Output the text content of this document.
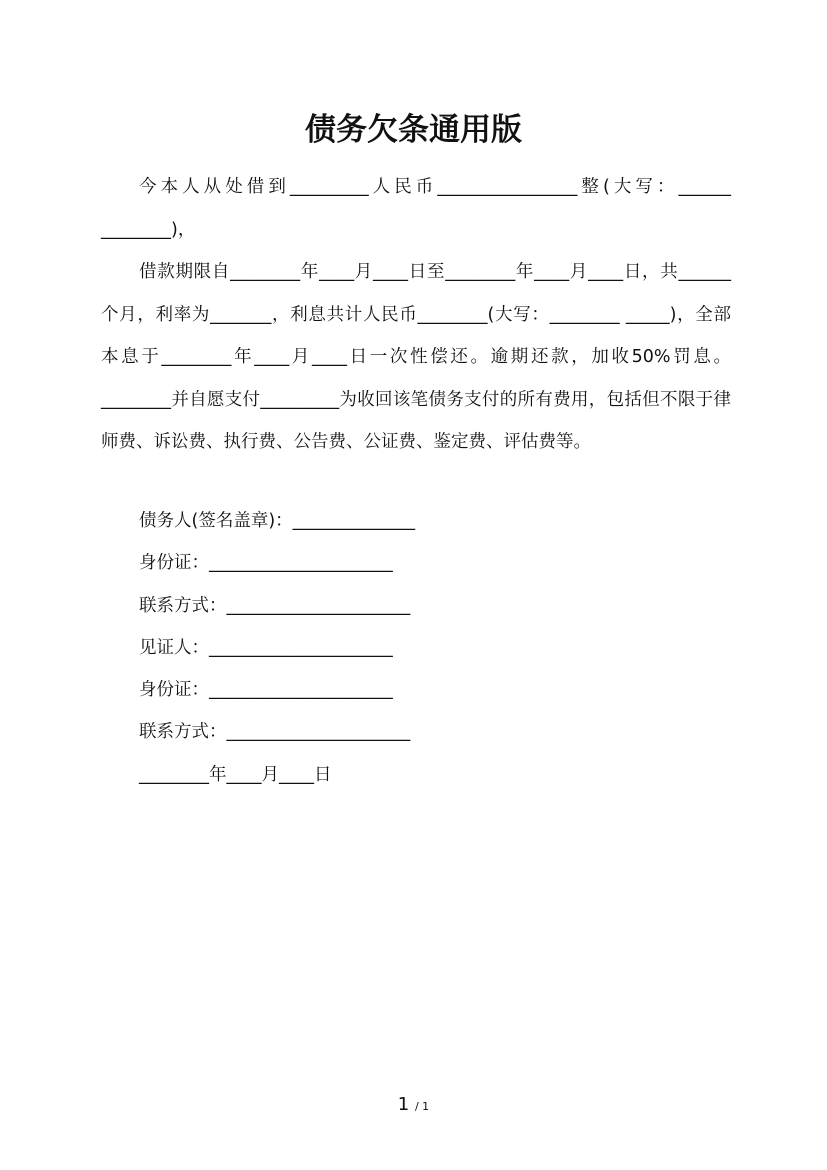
债务欠条通用版

今本人从处借到_________人民币________________整(大写：______ ________)，

借款期限自________年____月____日至________年____月____日，共______个月，利率为_______，利息共计人民币________(大写：________ _____)，全部本息于________年____月____日一次性偿还。逾期还款，加收50%罚息。________并自愿支付_________为收回该笔债务支付的所有费用，包括但不限于律师费、诉讼费、执行费、公告费、公证费、鉴定费、评估费等。

债务人(签名盖章)：______________
身份证：_____________________
联系方式：_____________________
见证人：_____________________
身份证：_____________________
联系方式：_____________________
________年____月____日
1 / 1
